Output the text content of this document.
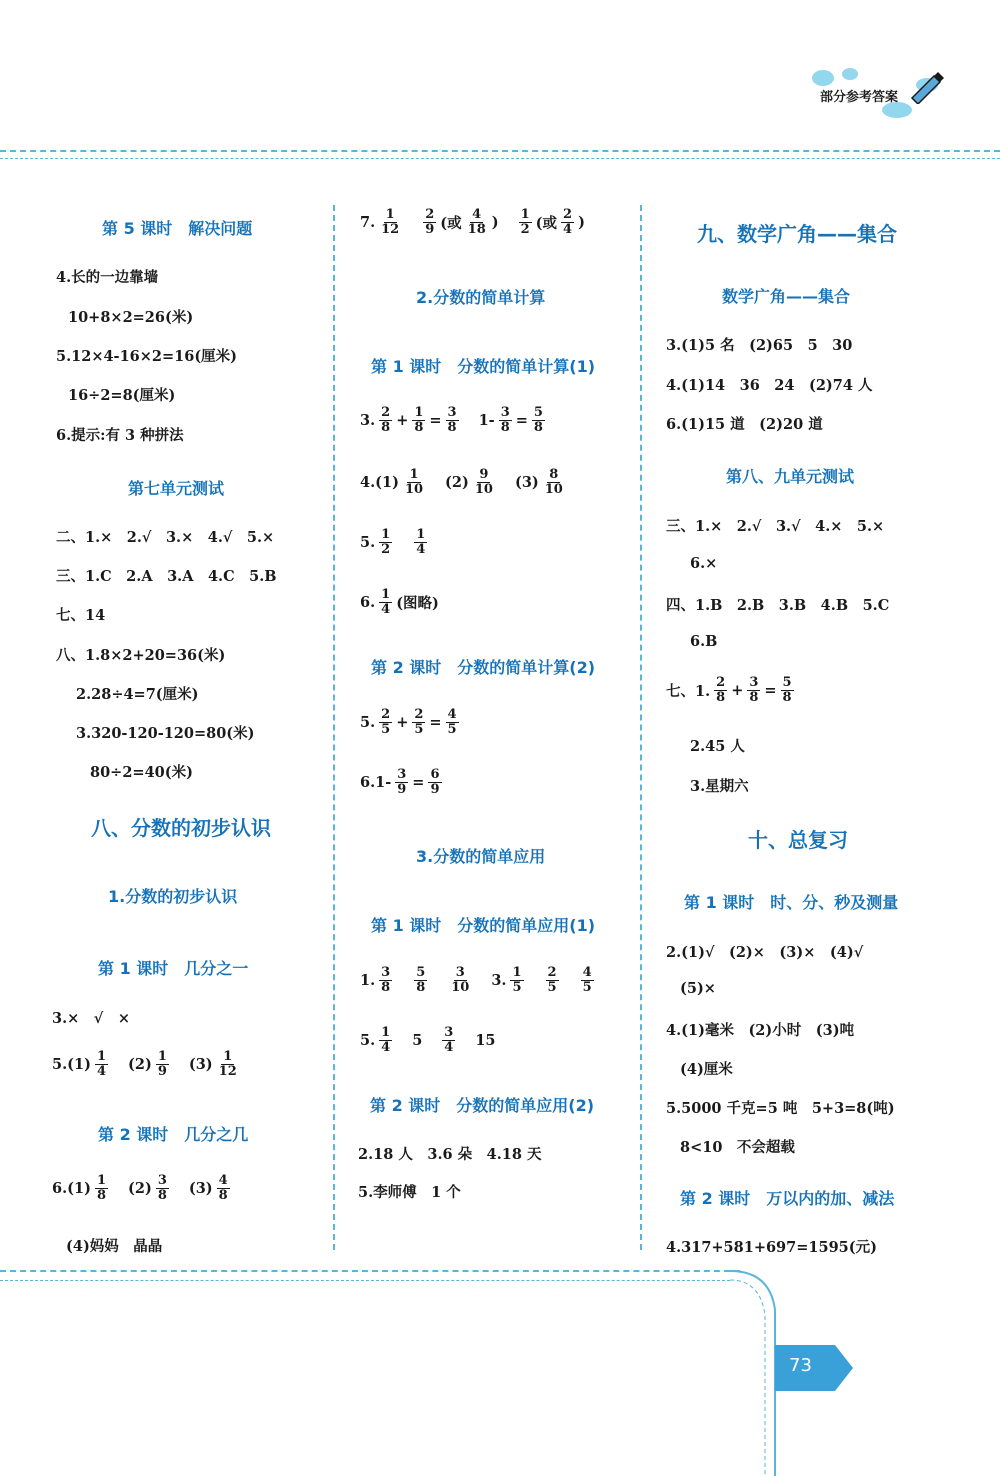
部分参考答案
第 5 课时　解决问题
4.长的一边靠墙
10+8×2=26(米)
5.12×4-16×2=16(厘米)
16÷2=8(厘米)
6.提示:有 3 种拼法
第七单元测试
二、1.×　2.√　3.×　4.√　5.×
三、1.C　2.A　3.A　4.C　5.B
七、14
八、1.8×2+20=36(米)
2.28÷4=7(厘米)
3.320-120-120=80(米)
80÷2=40(米)
八、分数的初步认识
1.分数的初步认识
第 1 课时　几分之一
3.×　√　×
$5.(1) \frac{1}{4} (2) \frac{1}{9} (3) \frac{1}{12}$
第 2 课时　几分之几
$6.(1) \frac{1}{8} (2) \frac{3}{8} (3) \frac{4}{8}$
(4)妈妈　晶晶
7. $\frac{1}{12} \frac{2}{9}$ (或 $\frac{4}{18}$ ) $\frac{1}{2}$ (或 $\frac{2}{4}$ )
2.分数的简单计算
第 1 课时　分数的简单计算(1)
3. $\frac{2}{8} + \frac{1}{8} = \frac{3}{8} 1- \frac{3}{8} = \frac{5}{8}$
$4.(1) \frac{1}{10} (2) \frac{9}{10} (3) \frac{8}{10}$
5. $\frac{1}{2} \frac{1}{4}$
6. $\frac{1}{4}$ (图略)
第 2 课时　分数的简单计算(2)
5. $\frac{2}{5} + \frac{2}{5} = \frac{4}{5}$
$6.1- \frac{3}{9} = \frac{6}{9}$
3.分数的简单应用
第 1 课时　分数的简单应用(1)
1. $\frac{3}{8} \frac{5}{8} \frac{3}{10} 3$. $\frac{1}{5} \frac{2}{5} \frac{4}{5}$
5. $\frac{1}{4} 5 \frac{3}{4} 15$
第 2 课时　分数的简单应用(2)
2.18 人　3.6 朵　4.18 天
5.李师傅　1 个
九、数学广角——集合
数学广角——集合
3.(1)5 名　(2)65　5　30
4.(1)14　36　24　(2)74 人
6.(1)15 道　(2)20 道
第八、九单元测试
三、1.×　2.√　3.√　4.×　5.×
6.×
四、1.B　2.B　3.B　4.B　5.C
6.B
七、1. $\frac{2}{8} + \frac{3}{8} = \frac{5}{8}$
2.45 人
3.星期六
十、总复习
第 1 课时　时、分、秒及测量
2.(1)√　(2)×　(3)×　(4)√
(5)×
4.(1)毫米　(2)小时　(3)吨
(4)厘米
5.5000 千克=5 吨　5+3=8(吨)
8<10　不会超载
第 2 课时　万以内的加、减法
4.317+581+697=1595(元)
73
